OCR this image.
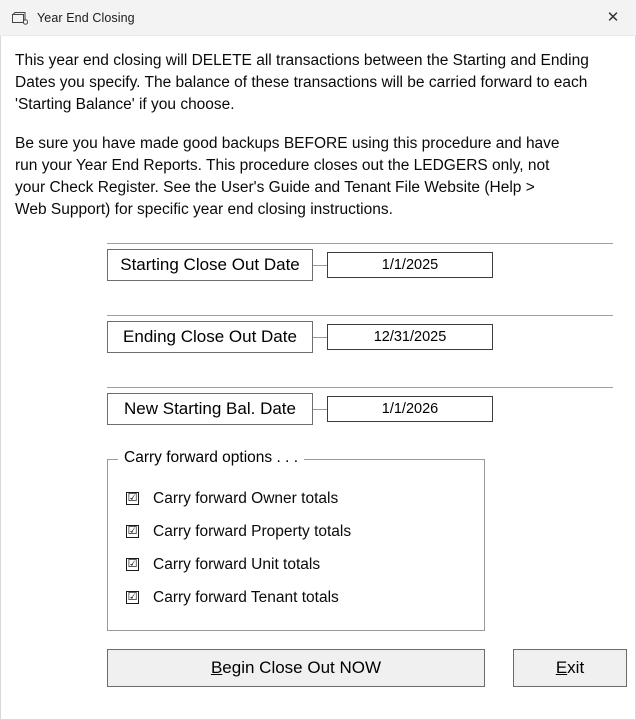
Year End Closing	✕

This year end closing will DELETE all transactions between the Starting and Ending

Dates you specify. The balance of these transactions will be carried forward to each

'Starting Balance' if you choose.

Be sure you have made good backups BEFORE using this procedure and have

run your Year End Reports. This procedure closes out the LEDGERS only, not

your Check Register. See the User's Guide and Tenant File Website (Help >

Web Support) for specific year end closing instructions.

Starting Close Out Date
1/1/2025
Ending Close Out Date
12/31/2025
New Starting Bal. Date
1/1/2026
Carry forward options . . .
☑ Carry forward Owner totals
☑ Carry forward Property totals
☑ Carry forward Unit totals
☑ Carry forward Tenant totals
Begin Close Out NOW	Exit
